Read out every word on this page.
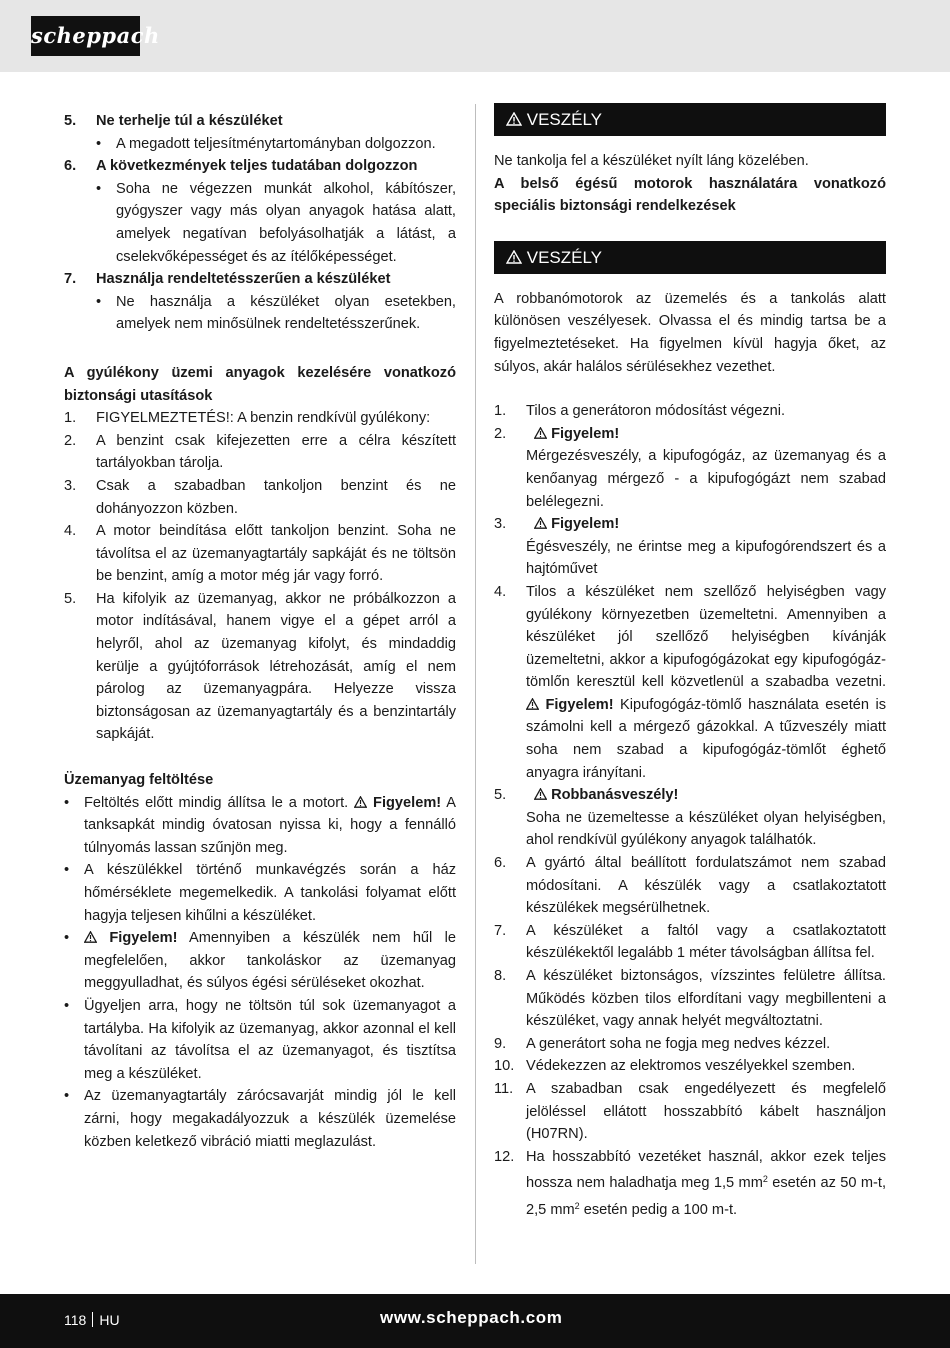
scheppach
5.	Ne terhelje túl a készüléket
•	A megadott teljesítménytartományban dolgozzon.
6.	A következmények teljes tudatában dolgozzon
•	Soha ne végezzen munkát alkohol, kábítószer, gyógyszer vagy más olyan anyagok hatása alatt, amelyek negatívan befolyásolhatják a látást, a cselekvőképességet és az ítélőképességet.
7.	Használja rendeltetésszerűen a készüléket
•	Ne használja a készüléket olyan esetekben, amelyek nem minősülnek rendeltetésszerűnek.

A gyúlékony üzemi anyagok kezelésére vonatkozó biztonsági utasítások

1.	FIGYELMEZTETÉS!: A benzin rendkívül gyúlékony:
2.	A benzint csak kifejezetten erre a célra készített tartályokban tárolja.
3.	Csak a szabadban tankoljon benzint és ne dohányozzon közben.
4.	A motor beindítása előtt tankoljon benzint. Soha ne távolítsa el az üzemanyagtartály sapkáját és ne töltsön be benzint, amíg a motor még jár vagy forró.
5.	Ha kifolyik az üzemanyag, akkor ne próbálkozzon a motor indításával, hanem vigye el a gépet arról a helyről, ahol az üzemanyag kifolyt, és mindaddig kerülje a gyújtóforrások létrehozását, amíg el nem párolog az üzemanyagpára. Helyezze vissza biztonságosan az üzemanyagtartály és a benzintartály sapkáját.

Üzemanyag feltöltése

•	Feltöltés előtt mindig állítsa le a motort.
Figyelem! A tanksapkát mindig óvatosan nyissa ki, hogy a fennálló túlnyomás lassan szűnjön meg.
•	A készülékkel történő munkavégzés során a ház hőmérséklete megemelkedik. A tankolási folyamat előtt hagyja teljesen kihűlni a készüléket.
•	Figyelem! Amennyiben a készülék nem hűl le megfelelően, akkor tankoláskor az üzemanyag meggyulladhat, és súlyos égési sérüléseket okozhat.
•	Ügyeljen arra, hogy ne töltsön túl sok üzemanyagot a tartályba. Ha kifolyik az üzemanyag, akkor azonnal el kell távolítani az távolítsa el az üzemanyagot, és tisztítsa meg a készüléket.
•	Az üzemanyagtartály zárócsavarját mindig jól le kell zárni, hogy megakadályozzuk a készülék üzemelése közben keletkező vibráció miatti meglazulást.
VESZÉLY

Ne tankolja fel a készüléket nyílt láng közelében.

A belső égésű motorok használatára vonatkozó speciális biztonsági rendelkezések

VESZÉLY

A robbanómotorok az üzemelés és a tankolás alatt különösen veszélyesek. Olvassa el és mindig tartsa be a figyelmeztetéseket. Ha figyelmen kívül hagyja őket, az súlyos, akár halálos sérülésekhez vezethet.

1.	Tilos a generátoron módosítást végezni.
2.	Figyelem!
Mérgezésveszély, a kipufogógáz, az üzemanyag és a kenőanyag mérgező - a kipufogógázt nem szabad belélegezni.
3.	Figyelem!
Égésveszély, ne érintse meg a kipufogórendszert és a hajtóművet
4.	Tilos a készüléket nem szellőző helyiségben vagy gyúlékony környezetben üzemeltetni. Amennyiben a készüléket jól szellőző helyiségben kívánják üzemeltetni, akkor a kipufogógázokat egy kipufogógáz-tömlőn keresztül kell közvetlenül a szabadba vezetni.
Figyelem! Kipufogógáz-tömlő használata esetén is számolni kell a mérgező gázokkal. A tűzveszély miatt soha nem szabad a kipufogógáz-tömlőt éghető anyagra irányítani.
5.	Robbanásveszély!
Soha ne üzemeltesse a készüléket olyan helyiségben, ahol rendkívül gyúlékony anyagok találhatók.
6.	A gyártó által beállított fordulatszámot nem szabad módosítani. A készülék vagy a csatlakoztatott készülékek megsérülhetnek.
7.	A készüléket a faltól vagy a csatlakoztatott készülékektől legalább 1 méter távolságban állítsa fel.
8.	A készüléket biztonságos, vízszintes felületre állítsa. Működés közben tilos elfordítani vagy megbillenteni a készüléket, vagy annak helyét megváltoztatni.
9.	A generátort soha ne fogja meg nedves kézzel.
10. Védekezzen az elektromos veszélyekkel szemben.
11. A szabadban csak engedélyezett és megfelelő jelöléssel ellátott hosszabbító kábelt használjon (H07RN).
12. Ha hosszabbító vezetéket használ, akkor ezek teljes hossza nem haladhatja meg 1,5 $mm^2$ esetén az 50 m-t, 2,5 $mm^2$ esetén pedig a 100 m-t.
118 HU	www.scheppach.com
